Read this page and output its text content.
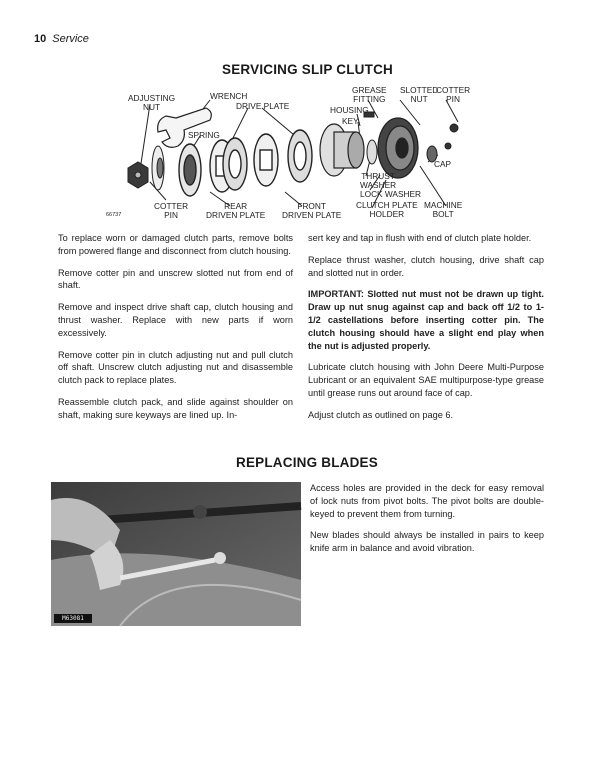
10 Service
SERVICING SLIP CLUTCH
ADJUSTING
NUT
WRENCH
DRIVE PLATE
SPRING
COTTER
PIN
REAR
DRIVEN PLATE
FRONT
DRIVEN PLATE
GREASE
FITTING
SLOTTED
NUT
COTTER
PIN
HOUSING
KEY
CAP
THRUST
WASHER
LOCK WASHER
CLUTCH PLATE
HOLDER
MACHINE
BOLT
66737

To replace worn or damaged clutch parts, remove bolts from powered flange and disconnect from clutch housing.

Remove cotter pin and unscrew slotted nut from end of shaft.

Remove and inspect drive shaft cap, clutch housing and thrust washer. Replace with new parts if worn excessively.

Remove cotter pin in clutch adjusting nut and pull clutch off shaft. Unscrew clutch adjusting nut and disassemble clutch pack to replace plates.

Reassemble clutch pack, and slide against shoulder on shaft, making sure keyways are lined up. In-

sert key and tap in flush with end of clutch plate holder.

Replace thrust washer, clutch housing, drive shaft cap and slotted nut in order.

IMPORTANT: Slotted nut must not be drawn up tight. Draw up nut snug against cap and back off 1/2 to 1-1/2 castellations before inserting cotter pin. The clutch housing should have a slight end play when the nut is adjusted properly.

Lubricate clutch housing with John Deere Multi-Purpose Lubricant or an equivalent SAE multipurpose-type grease until grease runs out around face of cap.

Adjust clutch as outlined on page 6.

REPLACING BLADES
M63081

Access holes are provided in the deck for easy removal of lock nuts from pivot bolts. The pivot bolts are double-keyed to prevent them from turning.

New blades should always be installed in pairs to keep knife arm in balance and avoid vibration.
